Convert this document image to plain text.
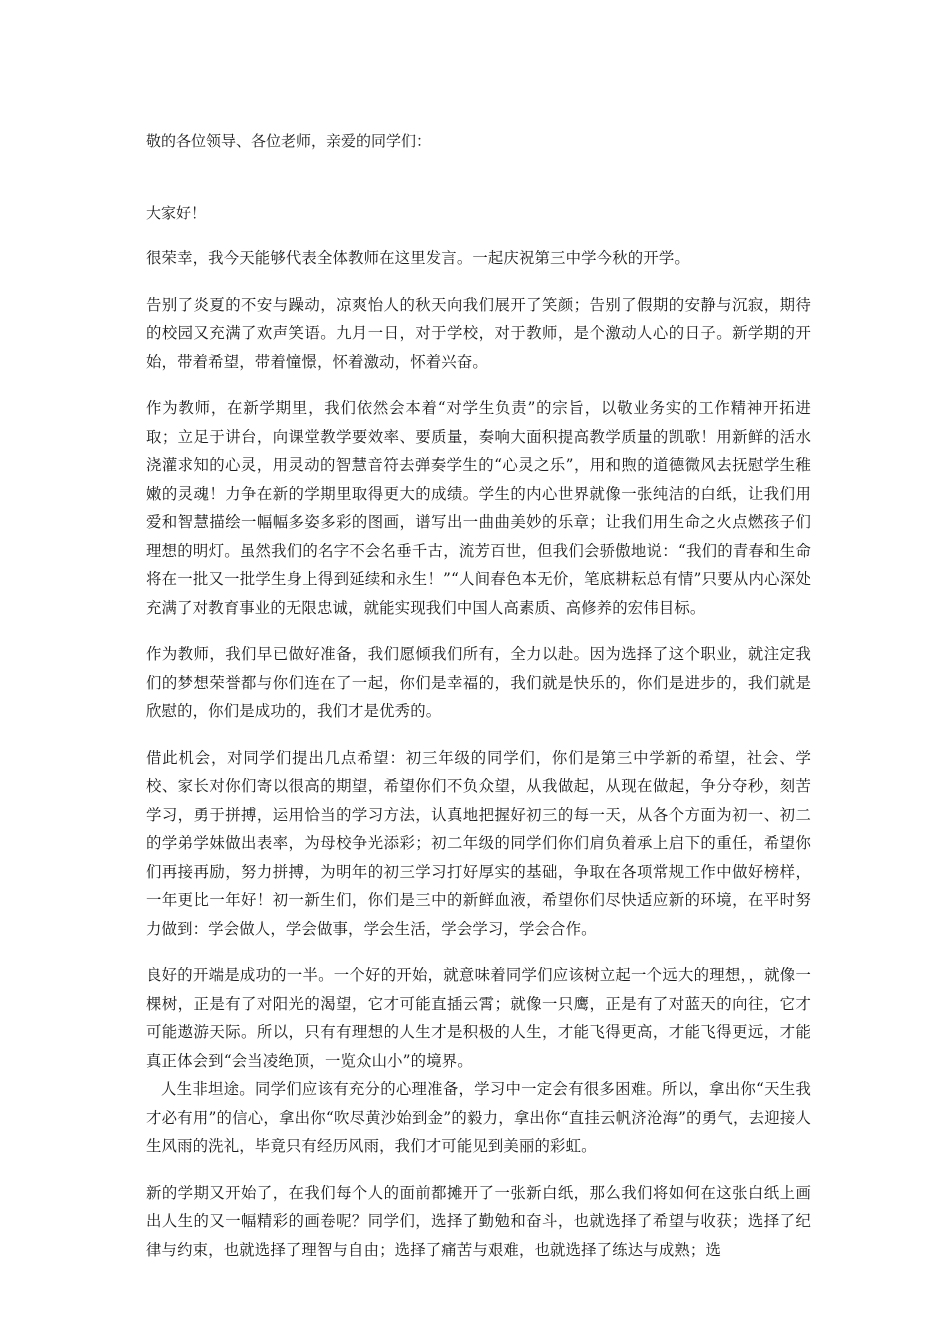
敬的各位领导、各位老师，亲爱的同学们：
大家好！

很荣幸，我今天能够代表全体教师在这里发言。一起庆祝第三中学今秋的开学。

告别了炎夏的不安与躁动，凉爽怡人的秋天向我们展开了笑颜；告别了假期的安静与沉寂，期待的校园又充满了欢声笑语。九月一日，对于学校，对于教师，是个激动人心的日子。新学期的开始，带着希望，带着憧憬，怀着激动，怀着兴奋。

作为教师，在新学期里，我们依然会本着“对学生负责”的宗旨，以敬业务实的工作精神开拓进取；立足于讲台，向课堂教学要效率、要质量，奏响大面积提高教学质量的凯歌！用新鲜的活水浇灌求知的心灵，用灵动的智慧音符去弹奏学生的“心灵之乐”，用和煦的道德微风去抚慰学生稚嫩的灵魂！力争在新的学期里取得更大的成绩。学生的内心世界就像一张纯洁的白纸，让我们用爱和智慧描绘一幅幅多姿多彩的图画，谱写出一曲曲美妙的乐章；让我们用生命之火点燃孩子们理想的明灯。虽然我们的名字不会名垂千古，流芳百世，但我们会骄傲地说：“我们的青春和生命将在一批又一批学生身上得到延续和永生！”“人间春色本无价，笔底耕耘总有情”只要从内心深处充满了对教育事业的无限忠诚，就能实现我们中国人高素质、高修养的宏伟目标。

作为教师，我们早已做好准备，我们愿倾我们所有，全力以赴。因为选择了这个职业，就注定我们的梦想荣誉都与你们连在了一起，你们是幸福的，我们就是快乐的，你们是进步的，我们就是欣慰的，你们是成功的，我们才是优秀的。

借此机会，对同学们提出几点希望：初三年级的同学们，你们是第三中学新的希望，社会、学校、家长对你们寄以很高的期望，希望你们不负众望，从我做起，从现在做起，争分夺秒，刻苦学习，勇于拼搏，运用恰当的学习方法，认真地把握好初三的每一天，从各个方面为初一、初二的学弟学妹做出表率，为母校争光添彩；初二年级的同学们你们肩负着承上启下的重任，希望你们再接再励，努力拼搏，为明年的初三学习打好厚实的基础，争取在各项常规工作中做好榜样，一年更比一年好！初一新生们，你们是三中的新鲜血液，希望你们尽快适应新的环境，在平时努力做到：学会做人，学会做事，学会生活，学会学习，学会合作。

良好的开端是成功的一半。一个好的开始，就意味着同学们应该树立起一个远大的理想，，就像一棵树，正是有了对阳光的渴望，它才可能直插云霄；就像一只鹰，正是有了对蓝天的向往，它才可能遨游天际。所以，只有有理想的人生才是积极的人生，才能飞得更高，才能飞得更远，才能真正体会到“会当凌绝顶，一览众山小”的境界。

人生非坦途。同学们应该有充分的心理准备，学习中一定会有很多困难。所以，拿出你“天生我才必有用”的信心，拿出你“吹尽黄沙始到金”的毅力，拿出你“直挂云帆济沧海”的勇气，去迎接人生风雨的洗礼，毕竟只有经历风雨，我们才可能见到美丽的彩虹。

新的学期又开始了，在我们每个人的面前都摊开了一张新白纸，那么我们将如何在这张白纸上画出人生的又一幅精彩的画卷呢？同学们，选择了勤勉和奋斗，也就选择了希望与收获；选择了纪律与约束，也就选择了理智与自由；选择了痛苦与艰难，也就选择了练达与成熟；选
